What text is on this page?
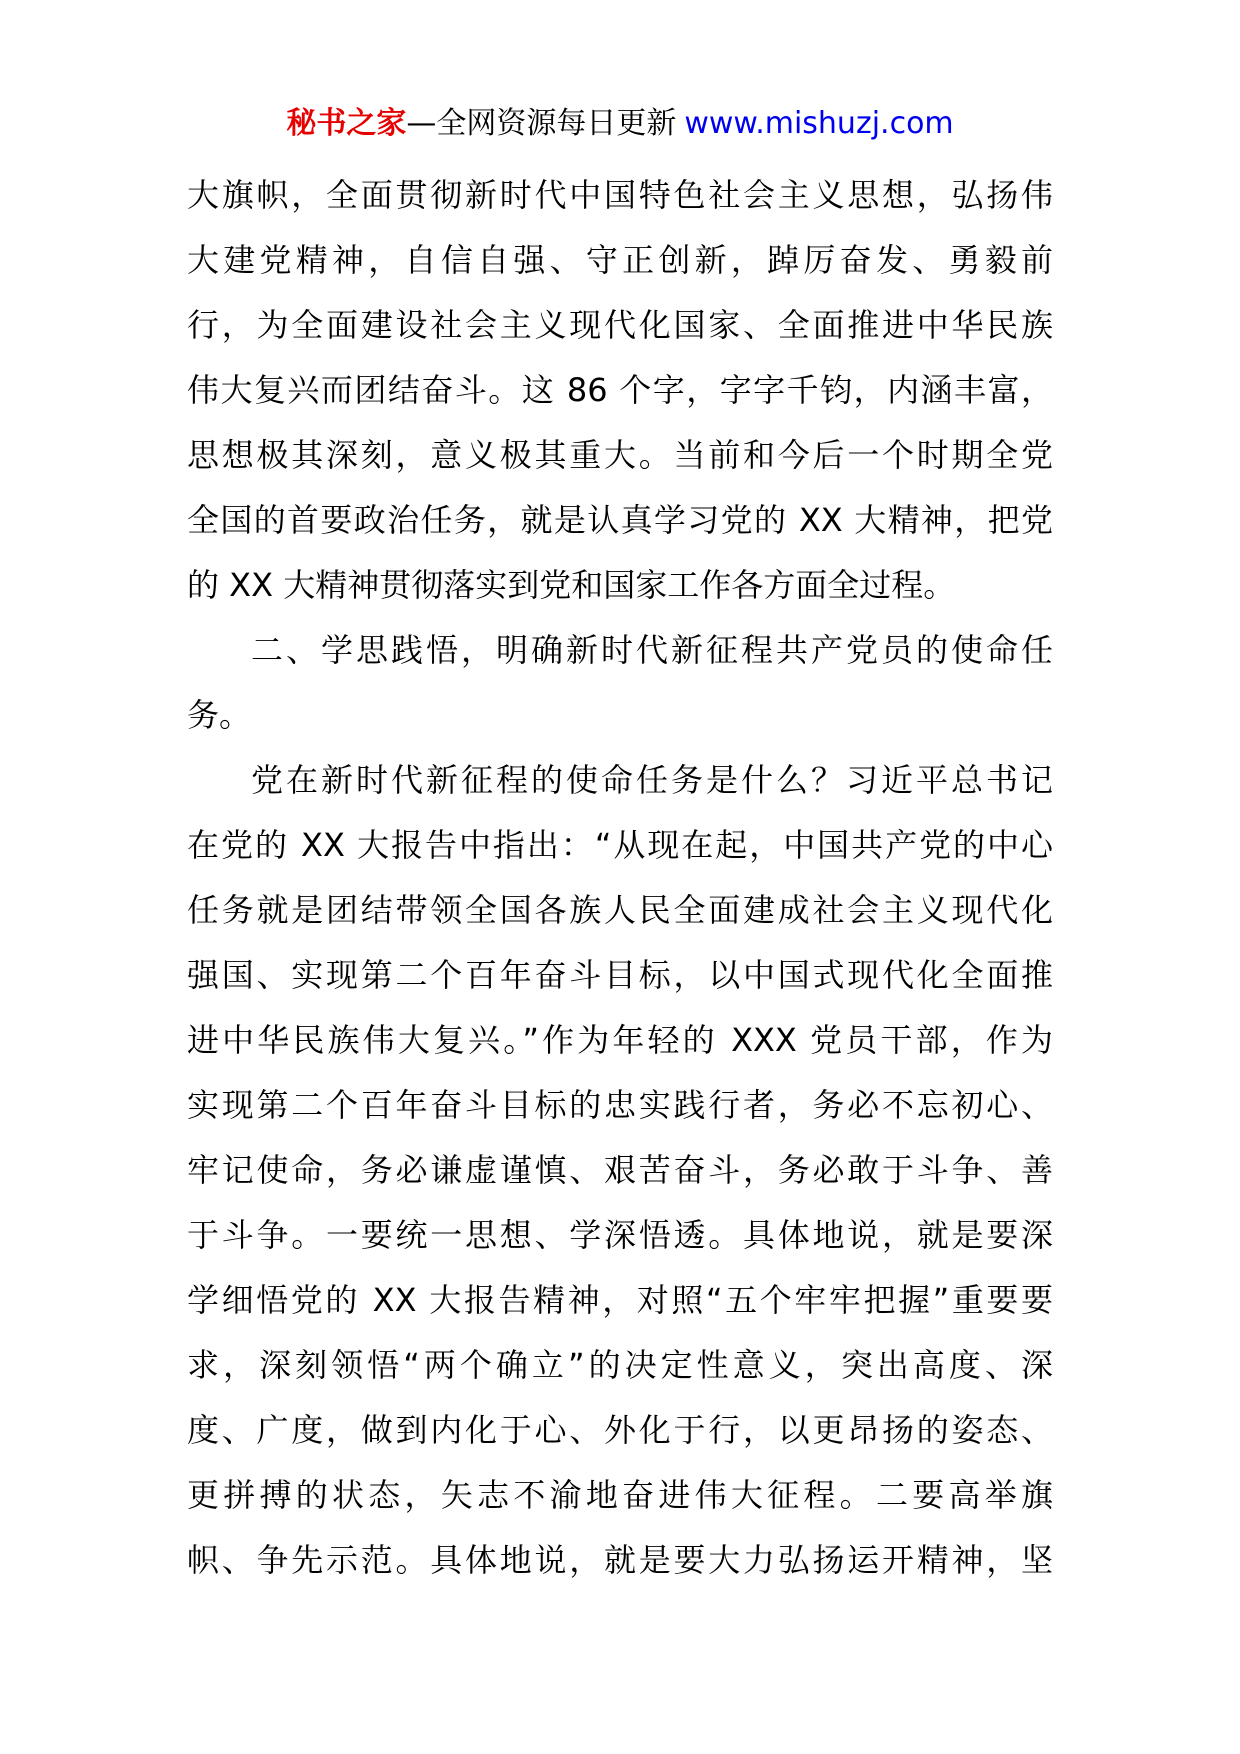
秘书之家—全网资源每日更新 www.mishuzj.com
大旗帜，全面贯彻新时代中国特色社会主义思想，弘扬伟
大建党精神，自信自强、守正创新，踔厉奋发、勇毅前
行，为全面建设社会主义现代化国家、全面推进中华民族
伟大复兴而团结奋斗。这 86 个字，字字千钧，内涵丰富，
思想极其深刻，意义极其重大。当前和今后一个时期全党
全国的首要政治任务，就是认真学习党的 XX 大精神，把党
的 XX 大精神贯彻落实到党和国家工作各方面全过程。
二、学思践悟，明确新时代新征程共产党员的使命任
务。
党在新时代新征程的使命任务是什么？习近平总书记
在党的 XX 大报告中指出：“从现在起，中国共产党的中心
任务就是团结带领全国各族人民全面建成社会主义现代化
强国、实现第二个百年奋斗目标，以中国式现代化全面推
进中华民族伟大复兴。”作为年轻的 XXX 党员干部，作为
实现第二个百年奋斗目标的忠实践行者，务必不忘初心、
牢记使命，务必谦虚谨慎、艰苦奋斗，务必敢于斗争、善
于斗争。一要统一思想、学深悟透。具体地说，就是要深
学细悟党的 XX 大报告精神，对照“五个牢牢把握”重要要
求，深刻领悟“两个确立”的决定性意义，突出高度、深
度、广度，做到内化于心、外化于行，以更昂扬的姿态、
更拼搏的状态，矢志不渝地奋进伟大征程。二要高举旗
帜、争先示范。具体地说，就是要大力弘扬运开精神，坚
